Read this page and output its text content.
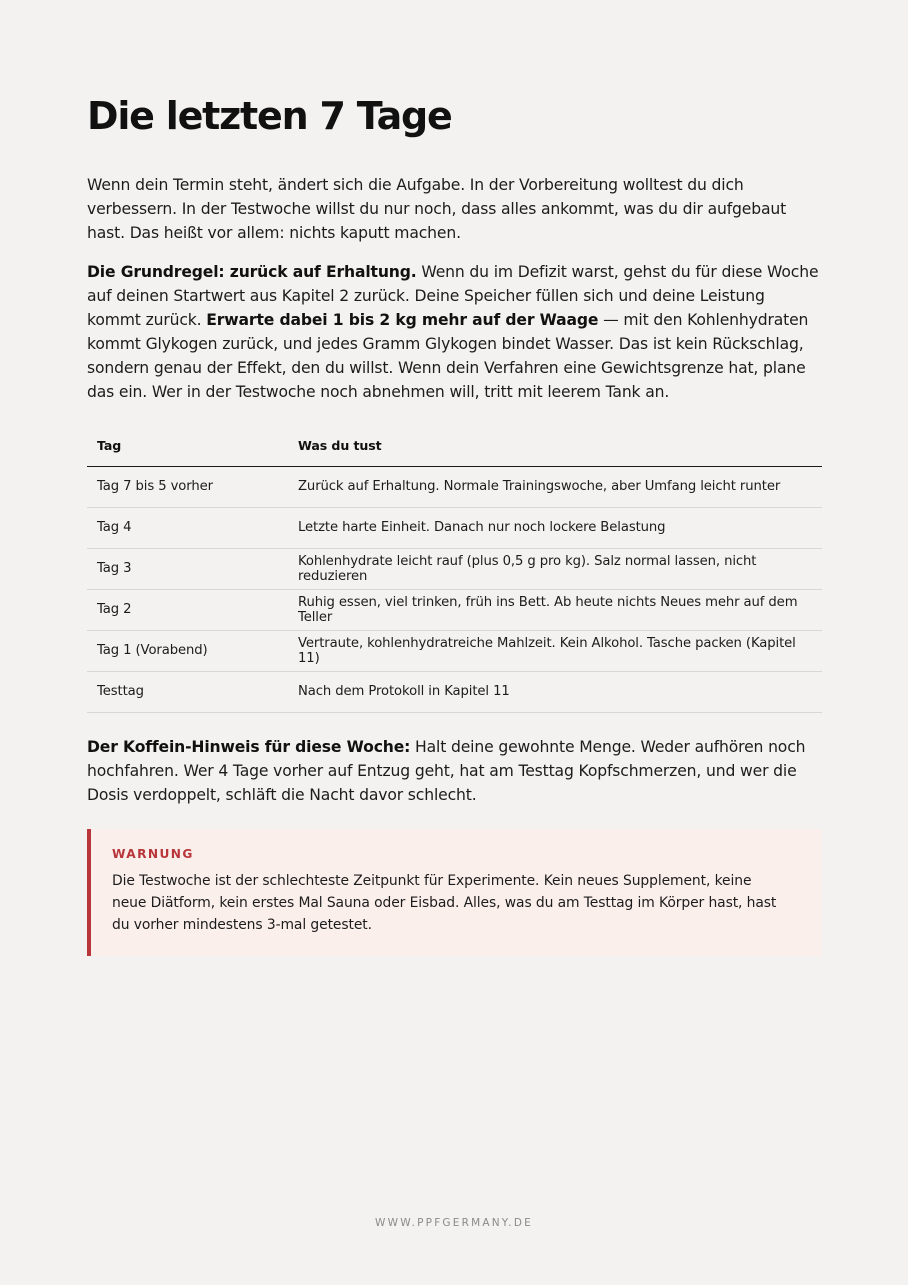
Die letzten 7 Tage

Wenn dein Termin steht, ändert sich die Aufgabe. In der Vorbereitung wolltest du dich verbessern. In der Testwoche willst du nur noch, dass alles ankommt, was du dir aufgebaut hast. Das heißt vor allem: nichts kaputt machen.

Die Grundregel: zurück auf Erhaltung. Wenn du im Defizit warst, gehst du für diese Woche auf deinen Startwert aus Kapitel 2 zurück. Deine Speicher füllen sich und deine Leistung kommt zurück. Erwarte dabei 1 bis 2 kg mehr auf der Waage — mit den Kohlenhydraten kommt Glykogen zurück, und jedes Gramm Glykogen bindet Wasser. Das ist kein Rückschlag, sondern genau der Effekt, den du willst. Wenn dein Verfahren eine Gewichtsgrenze hat, plane das ein. Wer in der Testwoche noch abnehmen will, tritt mit leerem Tank an.

Tag	Was du tust
Tag 7 bis 5 vorher	Zurück auf Erhaltung. Normale Trainingswoche, aber Umfang leicht runter
Tag 4	Letzte harte Einheit. Danach nur noch lockere Belastung
Tag 3	Kohlenhydrate leicht rauf (plus 0,5 g pro kg). Salz normal lassen, nicht reduzieren
Tag 2	Ruhig essen, viel trinken, früh ins Bett. Ab heute nichts Neues mehr auf dem Teller
Tag 1 (Vorabend)	Vertraute, kohlenhydratreiche Mahlzeit. Kein Alkohol. Tasche packen (Kapitel 11)
Testtag	Nach dem Protokoll in Kapitel 11

Der Koffein-Hinweis für diese Woche: Halt deine gewohnte Menge. Weder aufhören noch hochfahren. Wer 4 Tage vorher auf Entzug geht, hat am Testtag Kopfschmerzen, und wer die Dosis verdoppelt, schläft die Nacht davor schlecht.

WARNUNG
Die Testwoche ist der schlechteste Zeitpunkt für Experimente. Kein neues Supplement, keine neue Diätform, kein erstes Mal Sauna oder Eisbad. Alles, was du am Testtag im Körper hast, hast du vorher mindestens 3-mal getestet.
WWW.PPFGERMANY.DE
